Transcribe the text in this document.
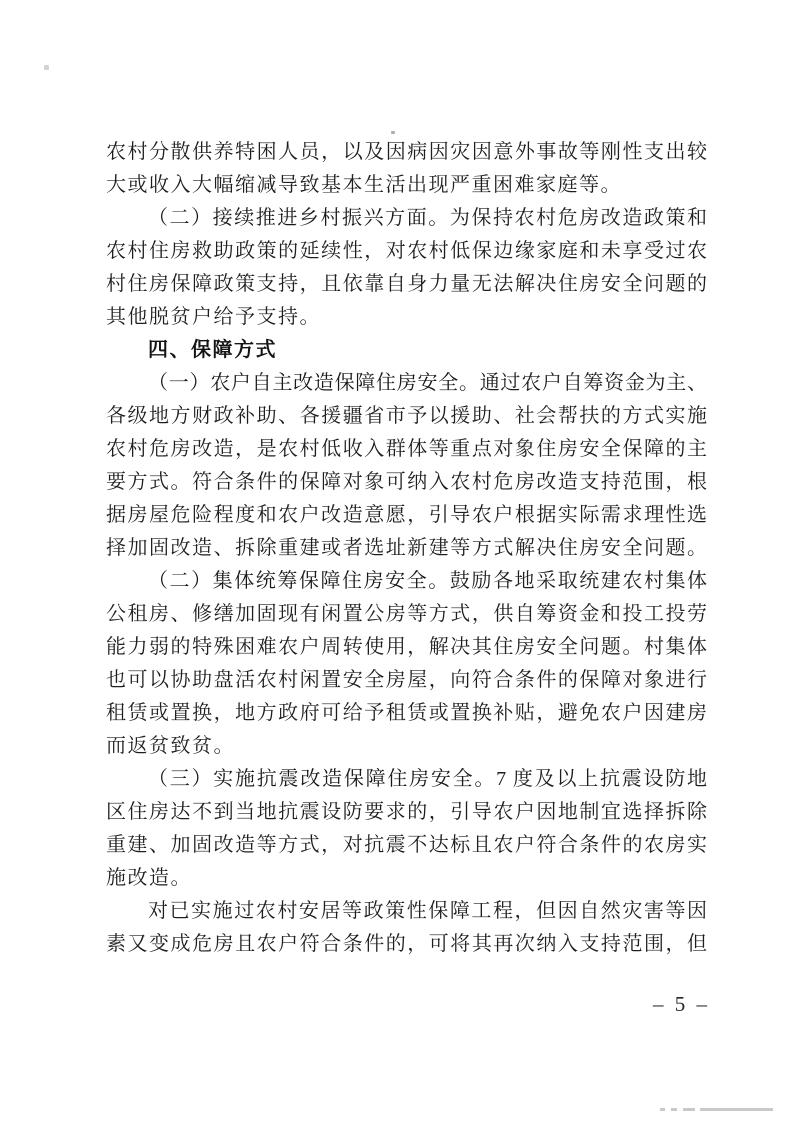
农村分散供养特困人员，以及因病因灾因意外事故等刚性支出较
大或收入大幅缩减导致基本生活出现严重困难家庭等。
（二）接续推进乡村振兴方面。为保持农村危房改造政策和
农村住房救助政策的延续性，对农村低保边缘家庭和未享受过农
村住房保障政策支持，且依靠自身力量无法解决住房安全问题的
其他脱贫户给予支持。
四、保障方式
（一）农户自主改造保障住房安全。通过农户自筹资金为主、
各级地方财政补助、各援疆省市予以援助、社会帮扶的方式实施
农村危房改造，是农村低收入群体等重点对象住房安全保障的主
要方式。符合条件的保障对象可纳入农村危房改造支持范围，根
据房屋危险程度和农户改造意愿，引导农户根据实际需求理性选
择加固改造、拆除重建或者选址新建等方式解决住房安全问题。
（二）集体统筹保障住房安全。鼓励各地采取统建农村集体
公租房、修缮加固现有闲置公房等方式，供自筹资金和投工投劳
能力弱的特殊困难农户周转使用，解决其住房安全问题。村集体
也可以协助盘活农村闲置安全房屋，向符合条件的保障对象进行
租赁或置换，地方政府可给予租赁或置换补贴，避免农户因建房
而返贫致贫。
（三）实施抗震改造保障住房安全。7 度及以上抗震设防地
区住房达不到当地抗震设防要求的，引导农户因地制宜选择拆除
重建、加固改造等方式，对抗震不达标且农户符合条件的农房实
施改造。
对已实施过农村安居等政策性保障工程，但因自然灾害等因
素又变成危房且农户符合条件的，可将其再次纳入支持范围，但
– 5 –
